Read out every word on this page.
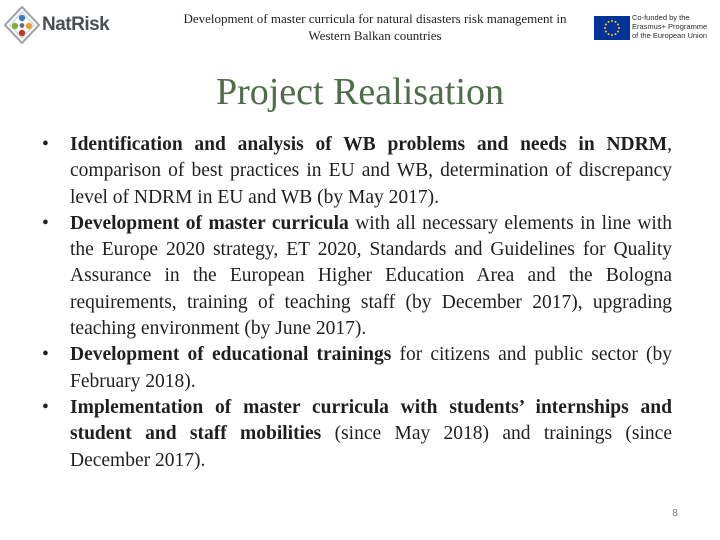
NatRisk	Development of master curricula for natural disasters risk management in
Western Balkan countries
Co-funded by the
Erasmus+ Programme
of the European Union
Project Realisation
•	Identification and analysis of WB problems and needs in NDRM, comparison of best practices in EU and WB, determination of discrepancy level of NDRM in EU and WB (by May 2017).
•	Development of master curricula with all necessary elements in line with the Europe 2020 strategy, ET 2020, Standards and Guidelines for Quality Assurance in the European Higher Education Area and the Bologna requirements, training of teaching staff (by December 2017), upgrading teaching environment (by June 2017).
•	Development of educational trainings for citizens and public sector (by February 2018).
•	Implementation of master curricula with students’ internships and student and staff mobilities (since May 2018) and trainings (since December 2017).
8
